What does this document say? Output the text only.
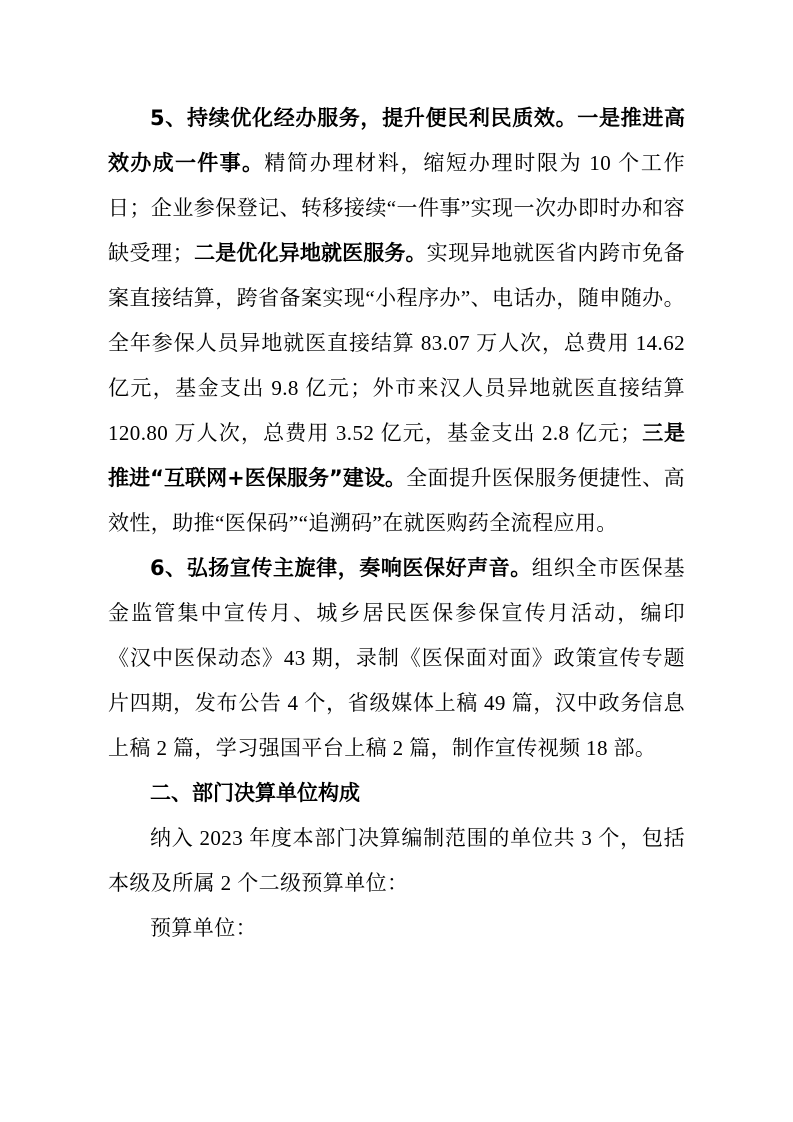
5、持续优化经办服务，提升便民利民质效。一是推进高效办成一件事。精简办理材料，缩短办理时限为 10 个工作日；企业参保登记、转移接续“一件事”实现一次办即时办和容缺受理；二是优化异地就医服务。实现异地就医省内跨市免备案直接结算，跨省备案实现“小程序办”、电话办，随申随办。全年参保人员异地就医直接结算 83.07 万人次，总费用 14.62 亿元，基金支出 9.8 亿元；外市来汉人员异地就医直接结算 120.80 万人次，总费用 3.52 亿元，基金支出 2.8 亿元；三是推进“互联网+医保服务”建设。全面提升医保服务便捷性、高效性，助推“医保码”“追溯码”在就医购药全流程应用。

6、弘扬宣传主旋律，奏响医保好声音。组织全市医保基金监管集中宣传月、城乡居民医保参保宣传月活动，编印《汉中医保动态》43 期，录制《医保面对面》政策宣传专题片四期，发布公告 4 个，省级媒体上稿 49 篇，汉中政务信息上稿 2 篇，学习强国平台上稿 2 篇，制作宣传视频 18 部。

二、部门决算单位构成

纳入 2023 年度本部门决算编制范围的单位共 3 个，包括本级及所属 2 个二级预算单位：

预算单位：
